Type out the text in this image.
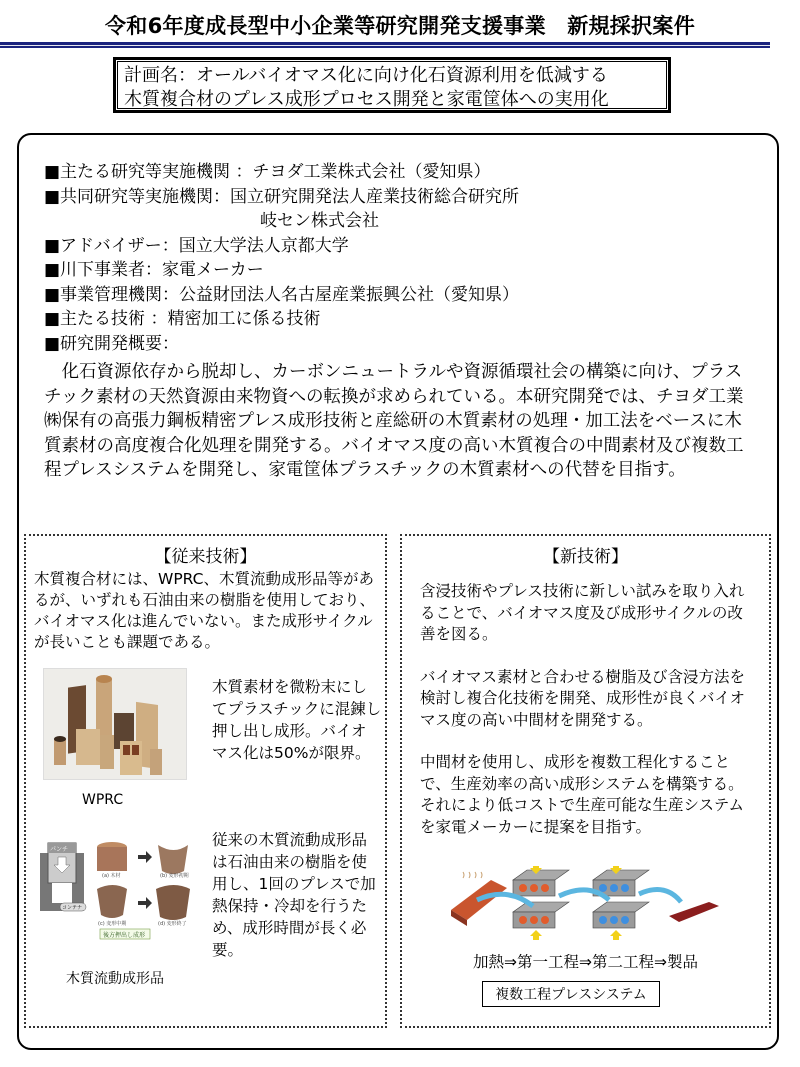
令和6年度成長型中小企業等研究開発支援事業　新規採択案件
計画名：オールバイオマス化に向け化石資源利用を低減する
木質複合材のプレス成形プロセス開発と家電筐体への実用化
■主たる研究等実施機関 ：チヨダ工業株式会社（愛知県）
■共同研究等実施機関：国立研究開発法人産業技術総合研究所
岐セン株式会社
■アドバイザー：国立大学法人京都大学
■川下事業者：家電メーカー
■事業管理機関：公益財団法人名古屋産業振興公社（愛知県）
■主たる技術 ：精密加工に係る技術
■研究開発概要：

化石資源依存から脱却し、カーボンニュートラルや資源循環社会の構築に向け、プラスチック素材の天然資源由来物資への転換が求められている。本研究開発では、チヨダ工業㈱保有の高張力鋼板精密プレス成形技術と産総研の木質素材の処理・加工法をベースに木質素材の高度複合化処理を開発する。バイオマス度の高い木質複合の中間素材及び複数工程プレスシステムを開発し、家電筐体プラスチックの木質素材への代替を目指す。

【従来技術】
木質複合材には、WPRC、木質流動成形品等があるが、いずれも石油由来の樹脂を使用しており、バイオマス化は進んでいない。また成形サイクルが長いことも課題である。
WPRC
木質素材を微粉末にしてプラスチックに混錬し押し出し成形。バイオマス化は50%が限界。
パンチ
コンテナ
(a) 木材	(b) 変形初期
(c) 変形中期	(d) 変形終了
後方押出し成形
木質流動成形品
従来の木質流動成形品は石油由来の樹脂を使用し、1回のプレスで加熱保持・冷却を行うため、成形時間が長く必要。
【新技術】
含浸技術やプレス技術に新しい試みを取り入れることで、バイオマス度及び成形サイクルの改善を図る。
バイオマス素材と合わせる樹脂及び含浸方法を検討し複合化技術を開発、成形性が良くバイオマス度の高い中間材を開発する。
中間材を使用し、成形を複数工程化することで、生産効率の高い成形システムを構築する。それにより低コストで生産可能な生産システムを家電メーカーに提案を目指す。
加熱⇒第一工程⇒第二工程⇒製品
複数工程プレスシステム
